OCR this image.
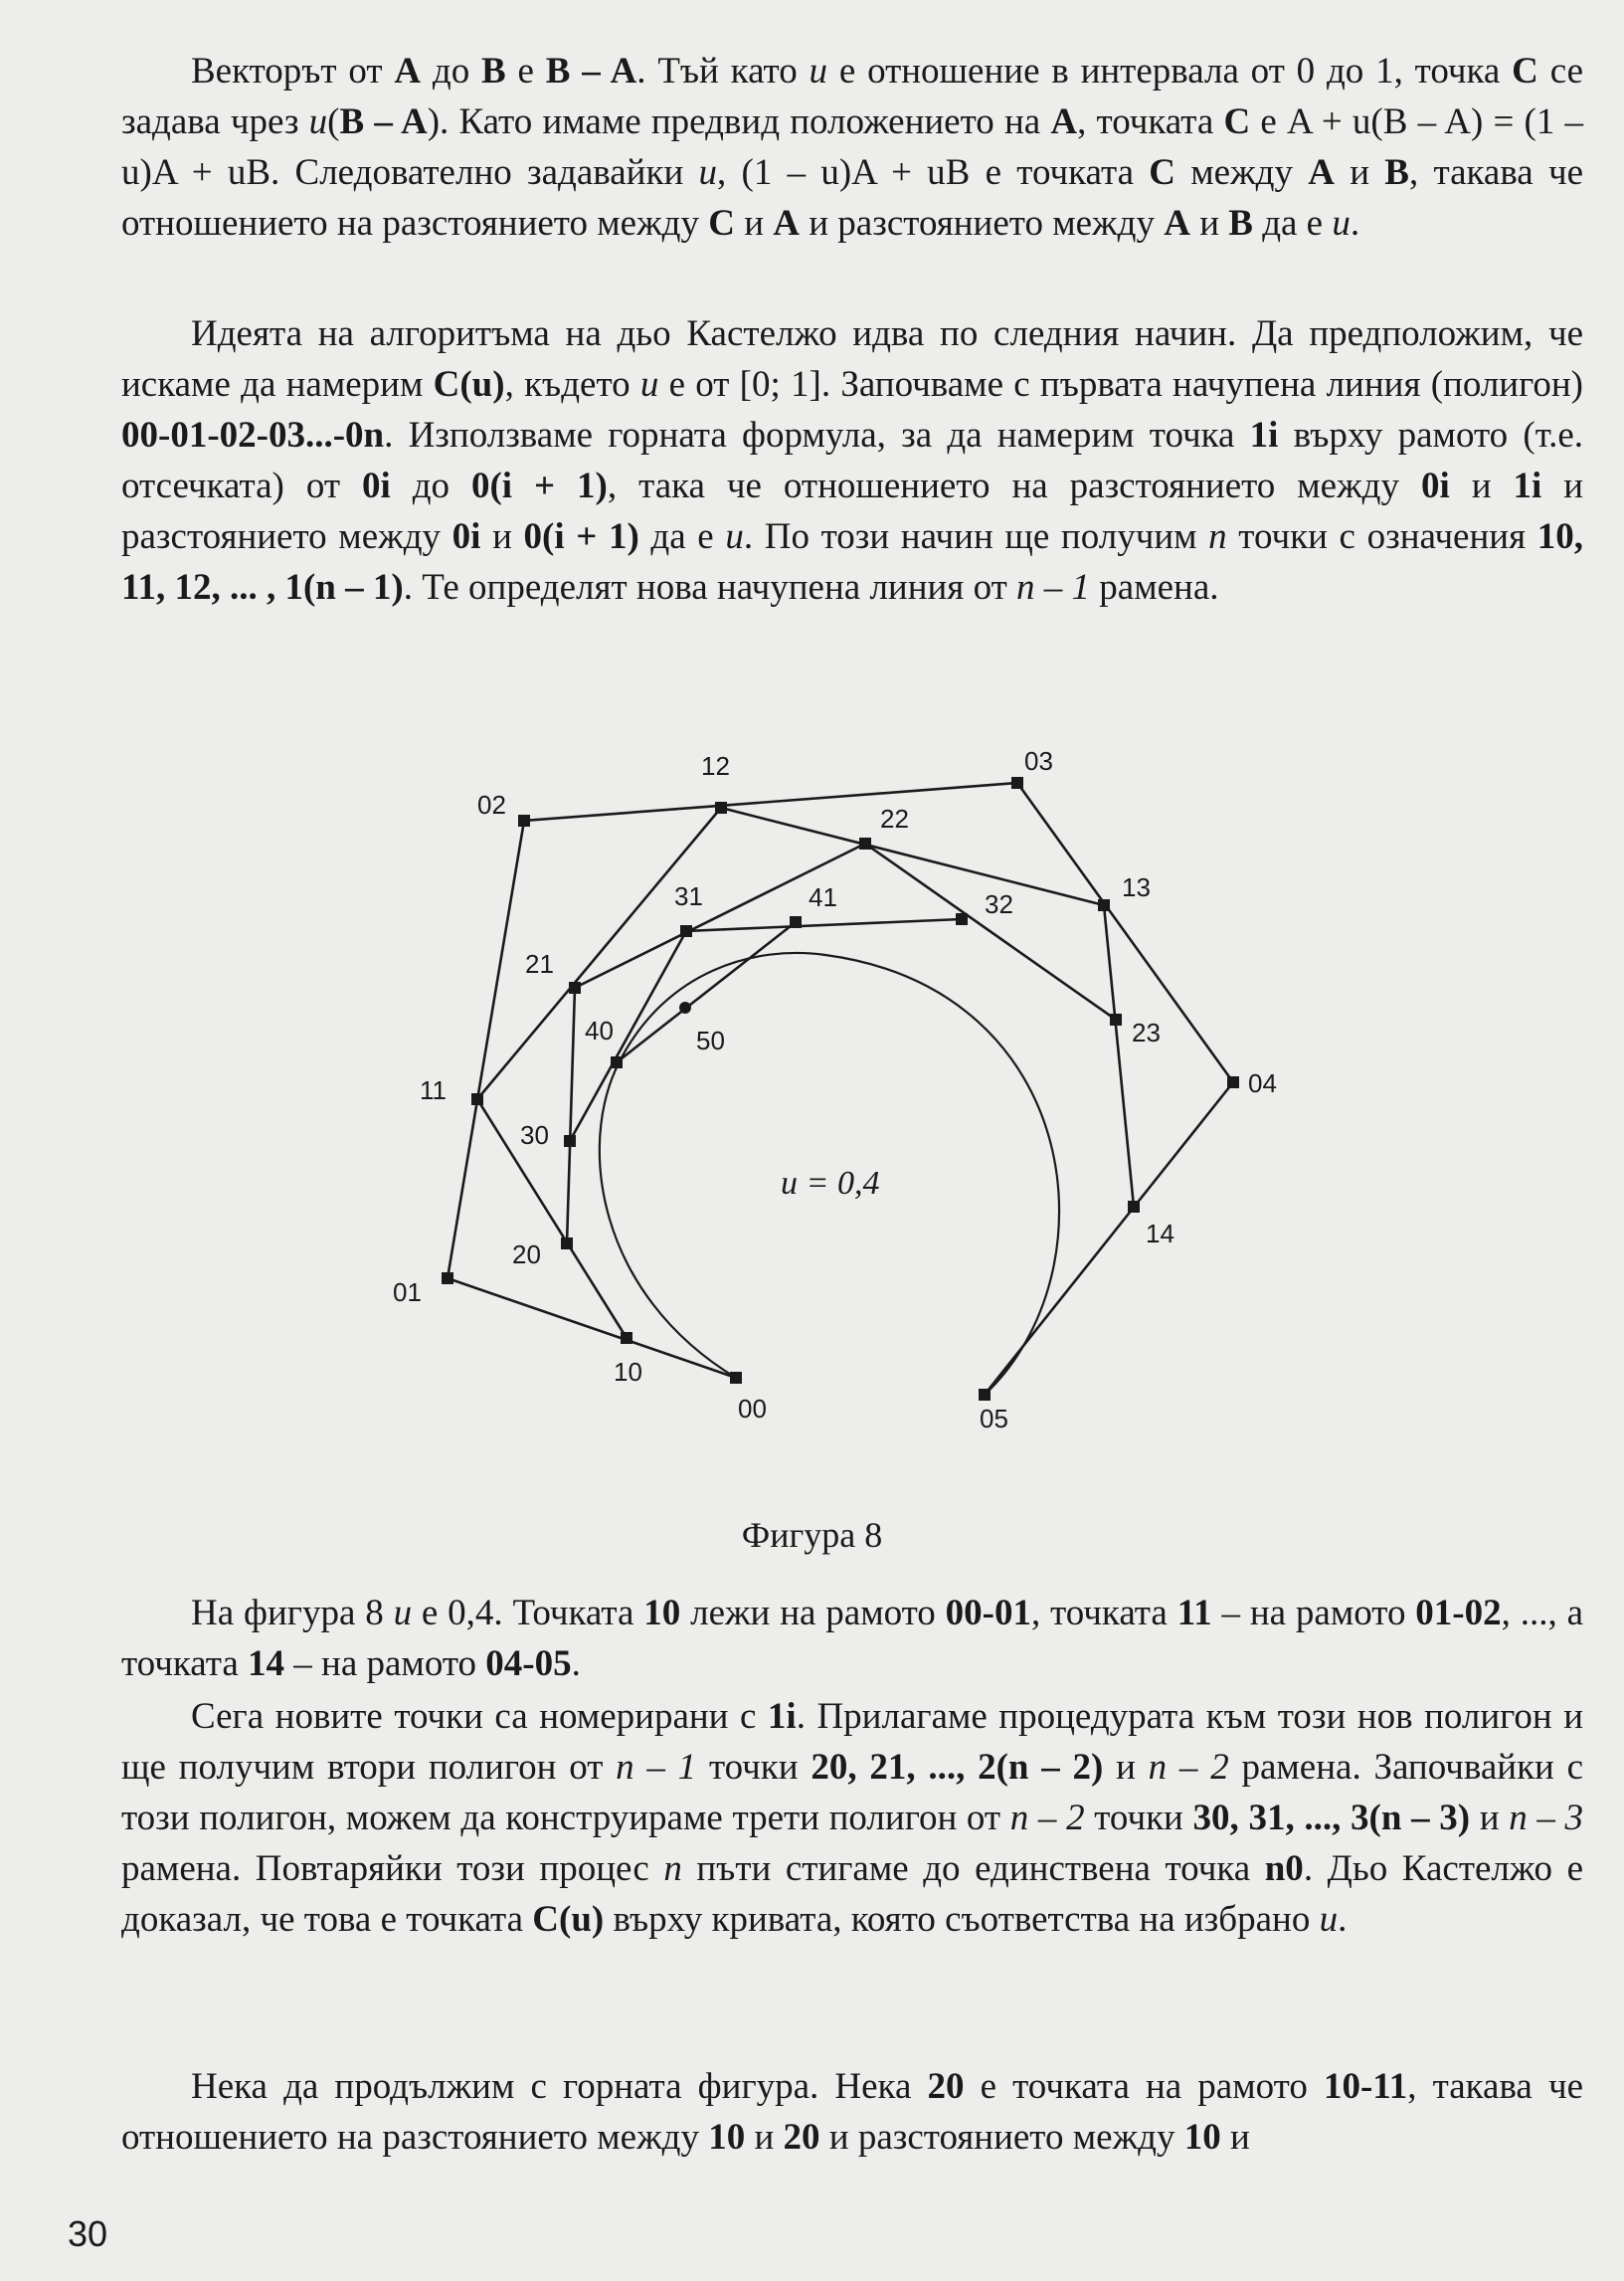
Векторът от A до B е B – A. Тъй като u е отношение в интервала от 0 до 1, точка C се задава чрез u(B – A). Като имаме предвид положението на A, точката C е A + u(B – A) = (1 – u)A + uB. Следователно задавайки u, (1 – u)A + uB е точката C между A и B, такава че отношението на разстоянието между C и A и разстоянието между A и B да е u.

Идеята на алгоритъма на дьо Кастелжо идва по следния начин. Да предположим, че искаме да намерим C(u), където u е от [0; 1]. Започваме с първата начупена линия (полигон) 00-01-02-03...-0n. Използваме горната формула, за да намерим точка 1i върху рамото (т.е. отсечката) от 0i до 0(i + 1), така че отношението на разстоянието между 0i и 1i и разстоянието между 0i и 0(i + 1) да е u. По този начин ще получим n точки с означения 10, 11, 12, ... , 1(n – 1). Те определят нова начупена линия от n – 1 рамена.

00
01
02
03
04
05
10
11
12
13
14
20
21
22
23
30
31	32
40
41
50
u = 0,4
Фигура 8

На фигура 8 u е 0,4. Точката 10 лежи на рамото 00-01, точката 11 – на рамото 01-02, ..., а точката 14 – на рамото 04-05.

Сега новите точки са номерирани с 1i. Прилагаме процедурата към този нов полигон и ще получим втори полигон от n – 1 точки 20, 21, ..., 2(n – 2) и n – 2 рамена. Започвайки с този полигон, можем да конструираме трети полигон от n – 2 точки 30, 31, ..., 3(n – 3) и n – 3 рамена. Повтаряйки този процес n пъти стигаме до единствена точка n0. Дьо Кастелжо е доказал, че това е точката C(u) върху кривата, която съответства на избрано u.

Нека да продължим с горната фигура. Нека 20 е точката на рамото 10-11, такава че отношението на разстоянието между 10 и 20 и разстоянието между 10 и

30
